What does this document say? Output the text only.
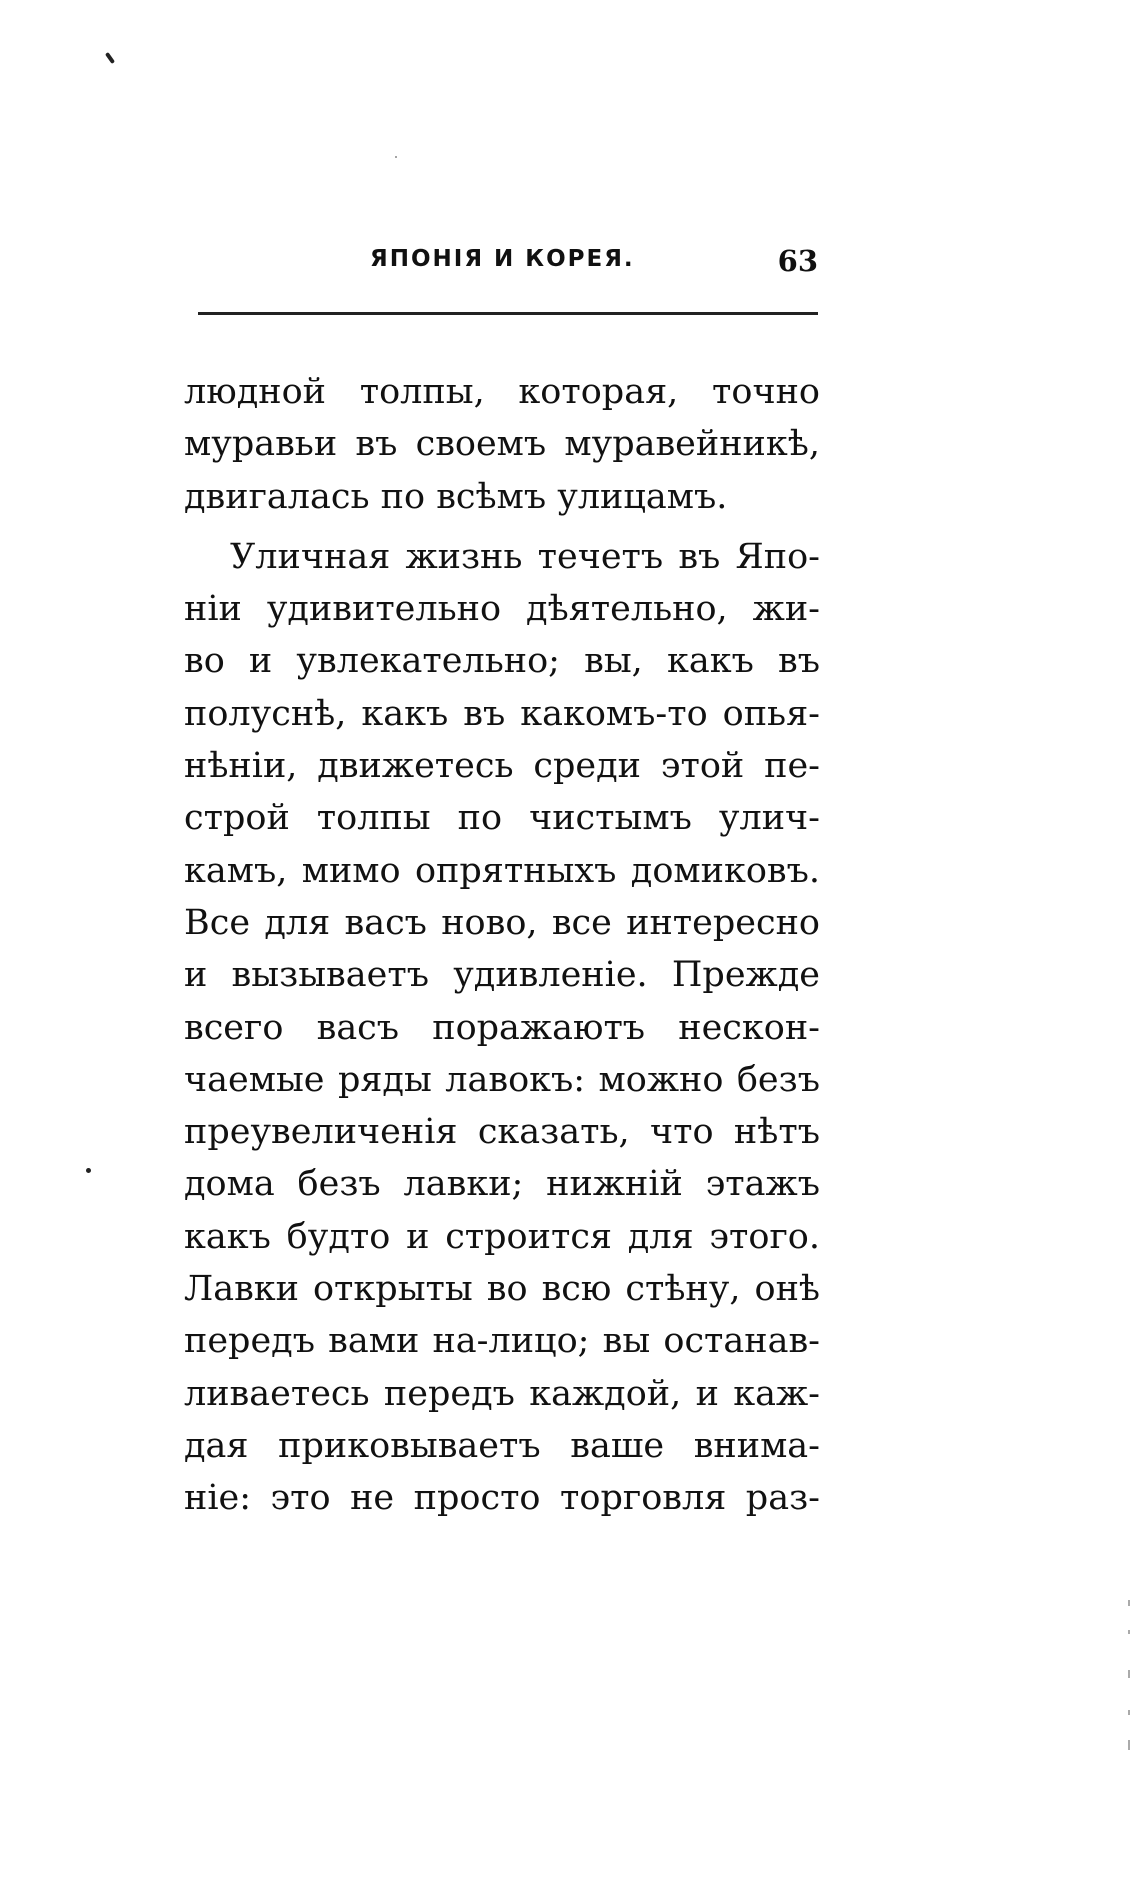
ЯПОНІЯ И КОРЕЯ.	63
людной толпы, которая, точно
муравьи въ своемъ муравейникѣ,
двигалась по всѣмъ улицамъ.
Уличная жизнь течетъ въ Япо-
ніи удивительно дѣятельно, жи-
во и увлекательно; вы, какъ въ
полуснѣ, какъ въ какомъ-то опья-
нѣніи, движетесь среди этой пе-
строй толпы по чистымъ улич-
камъ, мимо опрятныхъ домиковъ.
Все для васъ ново, все интересно
и вызываетъ удивленіе. Прежде
всего васъ поражаютъ нескон-
чаемые ряды лавокъ: можно безъ
преувеличенія сказать, что нѣтъ
дома безъ лавки; нижній этажъ
какъ будто и строится для этого.
Лавки открыты во всю стѣну, онѣ
передъ вами на-лицо; вы останав-
ливаетесь передъ каждой, и каж-
дая приковываетъ ваше внима-
ніе: это не просто торговля раз-
